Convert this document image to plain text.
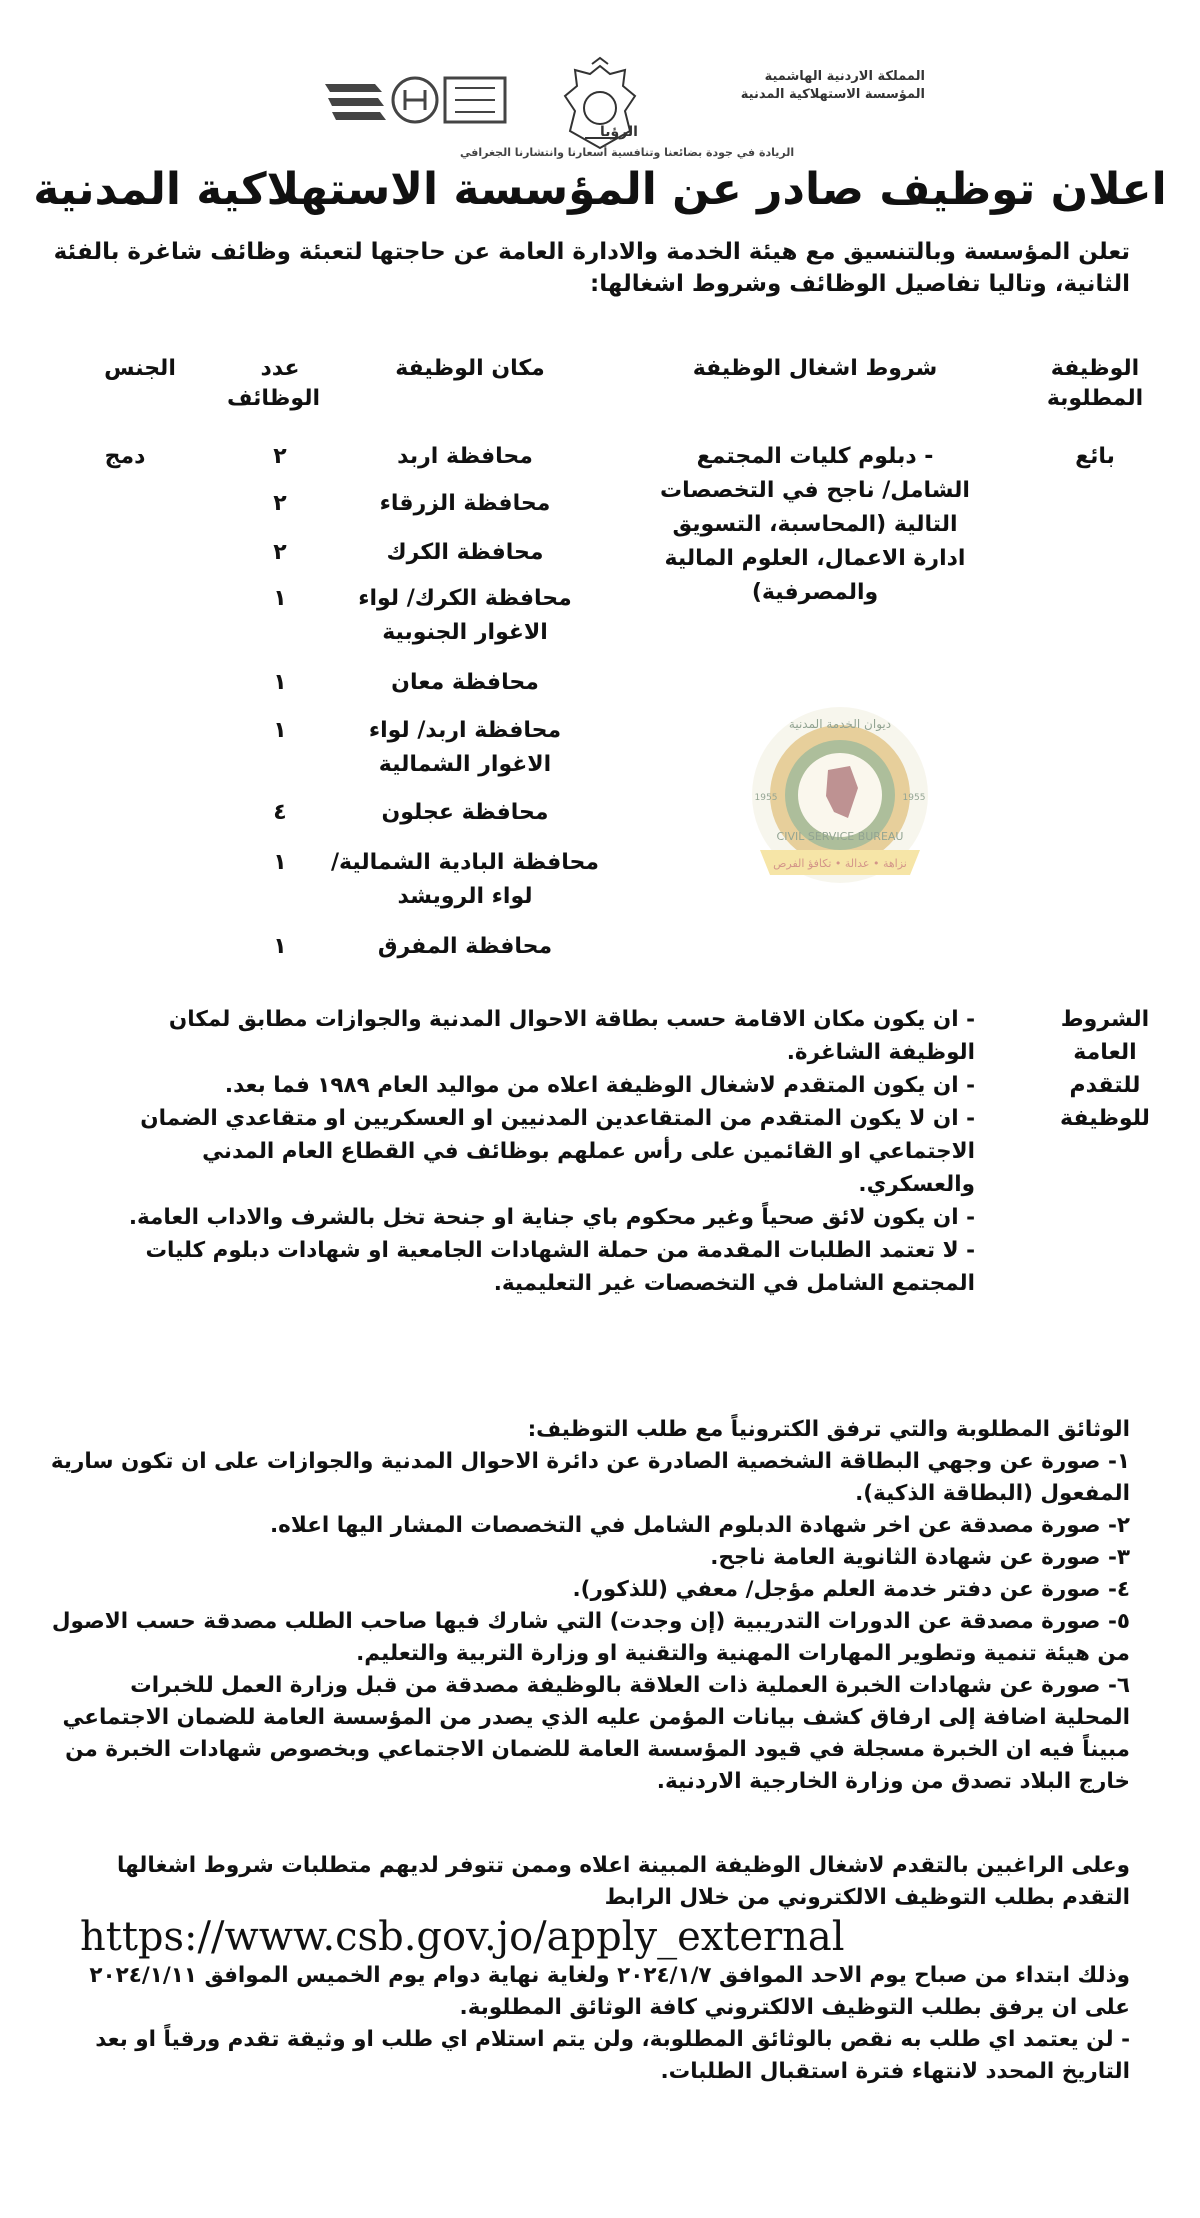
المملكة الاردنية الهاشمية
المؤسسة الاستهلاكية المدنية
الرؤيا
الريادة في جودة بضائعنا وتنافسية أسعارنا وانتشارنا الجغرافي
اعلان توظيف صادر عن المؤسسة الاستهلاكية المدنية
تعلن المؤسسة وبالتنسيق مع هيئة الخدمة والادارة العامة عن حاجتها لتعبئة وظائف شاغرة بالفئة الثانية، وتاليا تفاصيل الوظائف وشروط اشغالها:
الوظيفة المطلوبة
شروط اشغال الوظيفة
مكان الوظيفة
عدد الوظائف
الجنس
بائع
- دبلوم كليات المجتمع الشامل/ ناجح في التخصصات التالية (المحاسبة، التسويق ادارة الاعمال، العلوم المالية والمصرفية)
دمج	محافظة اربد
٢
محافظة الزرقاء
٢
محافظة الكرك
٢
محافظة الكرك/ لواء الاغوار الجنوبية
١
محافظة معان
١
محافظة اربد/ لواء الاغوار الشمالية
١
محافظة عجلون
٤
محافظة البادية الشمالية/ لواء الرويشد
١
محافظة المفرق
١
نزاهة • عدالة • تكافؤ الفرص
ديوان الخدمة المدنية
CIVIL SERVICE BUREAU
1955	1955
الشروط العامة للتقدم للوظيفة

- ان يكون مكان الاقامة حسب بطاقة الاحوال المدنية والجوازات مطابق لمكان الوظيفة الشاغرة.

- ان يكون المتقدم لاشغال الوظيفة اعلاه من مواليد العام ١٩٨٩ فما بعد.

- ان لا يكون المتقدم من المتقاعدين المدنيين او العسكريين او متقاعدي الضمان الاجتماعي او القائمين على رأس عملهم بوظائف في القطاع العام المدني والعسكري.

- ان يكون لائق صحياً وغير محكوم باي جناية او جنحة تخل بالشرف والاداب العامة.

- لا تعتمد الطلبات المقدمة من حملة الشهادات الجامعية او شهادات دبلوم كليات المجتمع الشامل في التخصصات غير التعليمية.

الوثائق المطلوبة والتي ترفق الكترونياً مع طلب التوظيف:

١- صورة عن وجهي البطاقة الشخصية الصادرة عن دائرة الاحوال المدنية والجوازات على ان تكون سارية المفعول (البطاقة الذكية).

٢- صورة مصدقة عن اخر شهادة الدبلوم الشامل في التخصصات المشار اليها اعلاه.

٣- صورة عن شهادة الثانوية العامة ناجح.

٤- صورة عن دفتر خدمة العلم مؤجل/ معفي (للذكور).

٥- صورة مصدقة عن الدورات التدريبية (إن وجدت) التي شارك فيها صاحب الطلب مصدقة حسب الاصول من هيئة تنمية وتطوير المهارات المهنية والتقنية او وزارة التربية والتعليم.

٦- صورة عن شهادات الخبرة العملية ذات العلاقة بالوظيفة مصدقة من قبل وزارة العمل للخبرات المحلية اضافة إلى ارفاق كشف بيانات المؤمن عليه الذي يصدر من المؤسسة العامة للضمان الاجتماعي مبيناً فيه ان الخبرة مسجلة في قيود المؤسسة العامة للضمان الاجتماعي وبخصوص شهادات الخبرة من خارج البلاد تصدق من وزارة الخارجية الاردنية.

وعلى الراغبين بالتقدم لاشغال الوظيفة المبينة اعلاه وممن تتوفر لديهم متطلبات شروط اشغالها التقدم بطلب التوظيف الالكتروني من خلال الرابط

https://www.csb.gov.jo/apply_external

وذلك ابتداء من صباح يوم الاحد الموافق ٢٠٢٤/١/٧ ولغاية نهاية دوام يوم الخميس الموافق ٢٠٢٤/١/١١ على ان يرفق بطلب التوظيف الالكتروني كافة الوثائق المطلوبة.

- لن يعتمد اي طلب به نقص بالوثائق المطلوبة، ولن يتم استلام اي طلب او وثيقة تقدم ورقياً او بعد التاريخ المحدد لانتهاء فترة استقبال الطلبات.
